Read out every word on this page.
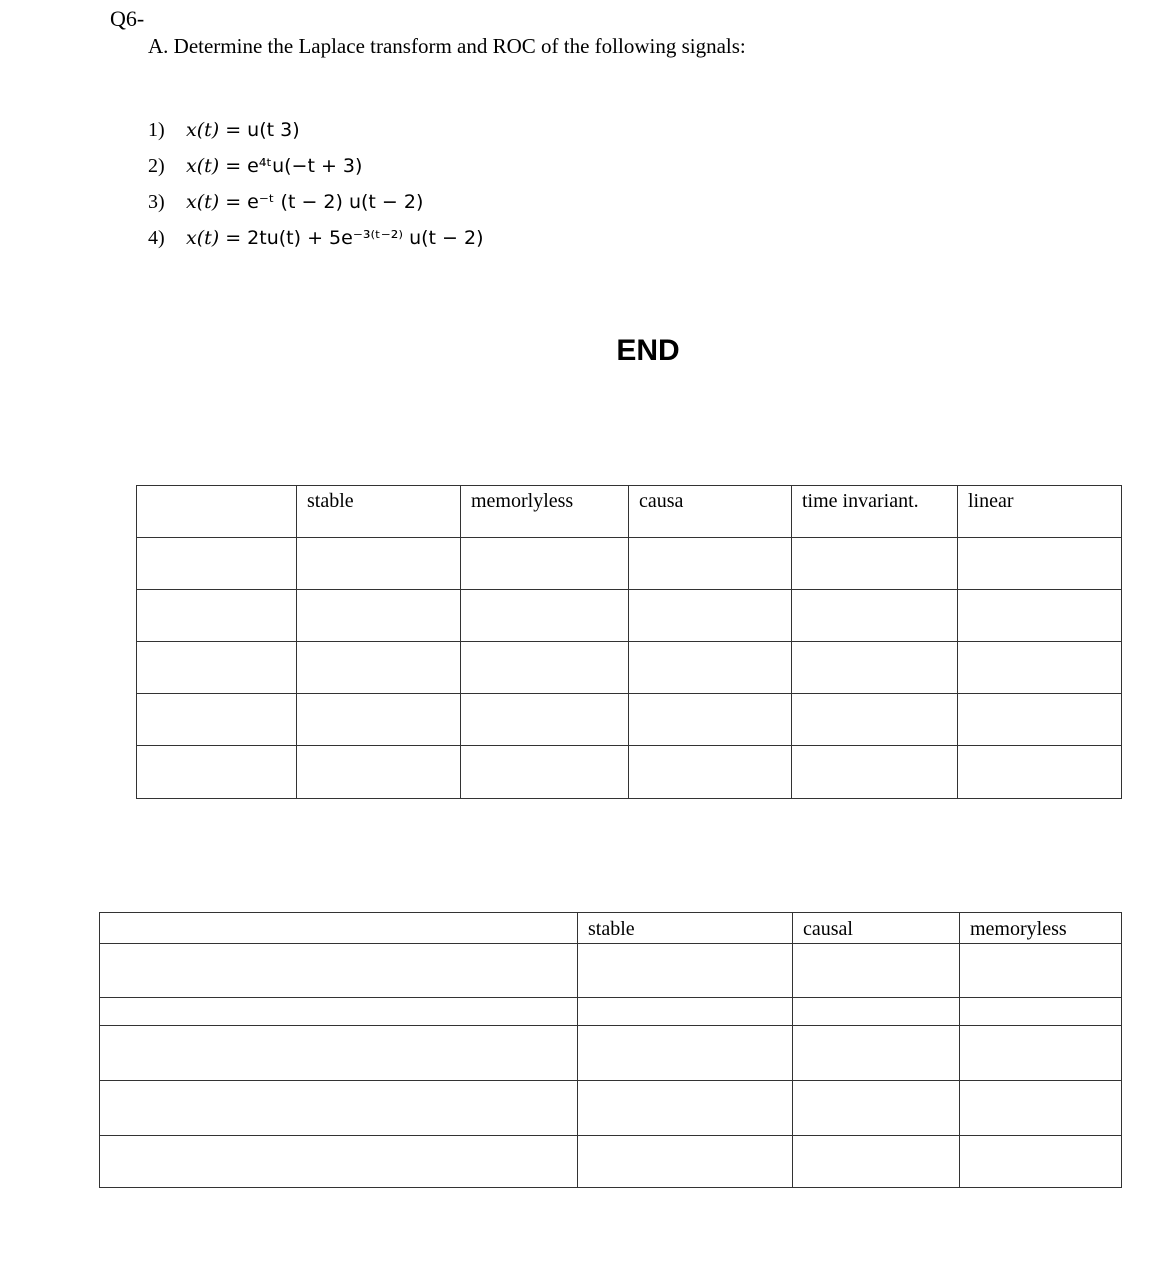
Q6-
A. Determine the Laplace transform and ROC of the following signals:
1)	x(t) = u(t 3)
2)	x(t) = e⁴ᵗu(−t + 3)
3)	x(t) = e⁻ᵗ (t − 2) u(t − 2)
4)	x(t) = 2tu(t) + 5e⁻³⁽ᵗ⁻²⁾ u(t − 2)
END
	stable	memorlyless	causa	time invariant.	linear

	stable	causal	memoryless
